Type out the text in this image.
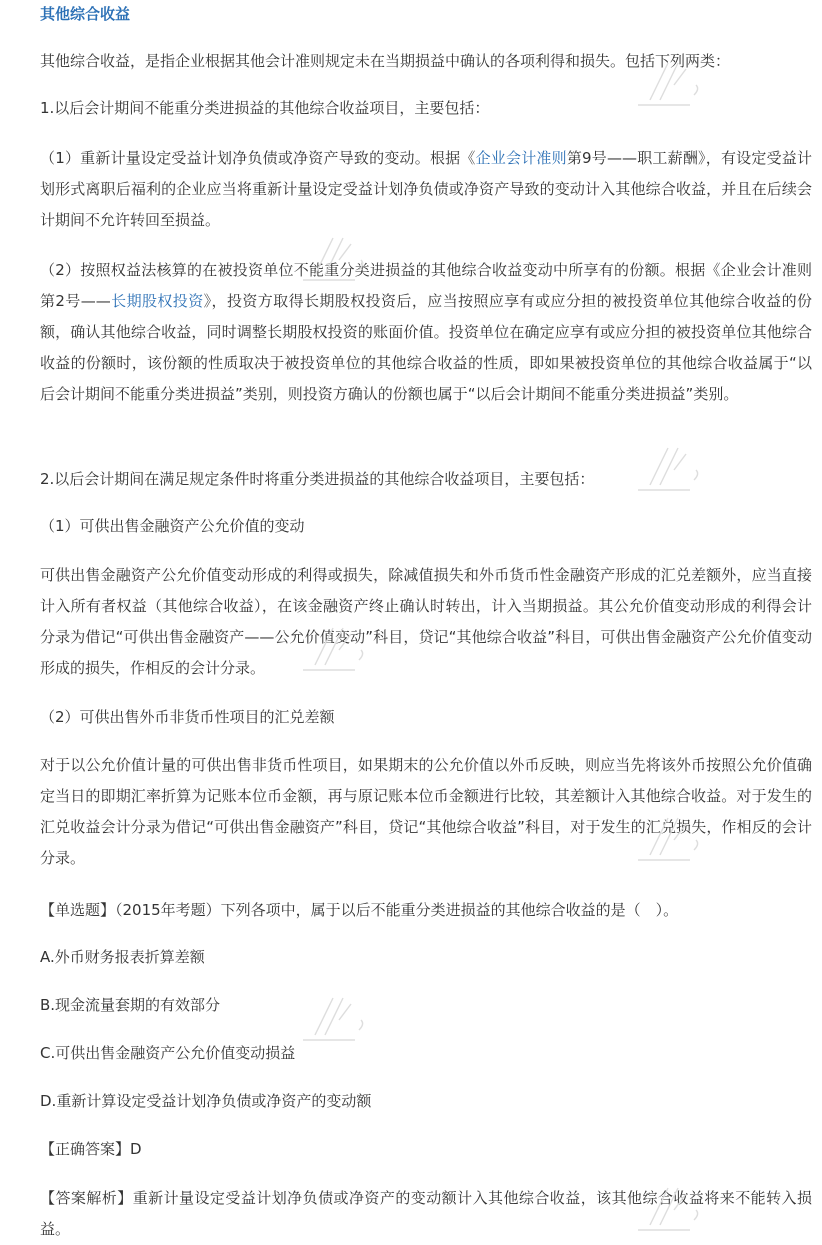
其他综合收益
其他综合收益，是指企业根据其他会计准则规定未在当期损益中确认的各项利得和损失。包括下列两类：
1.以后会计期间不能重分类进损益的其他综合收益项目，主要包括：
（1）重新计量设定受益计划净负债或净资产导致的变动。根据《企业会计准则第9号——职工薪酬》，有设定受益计划形式离职后福利的企业应当将重新计量设定受益计划净负债或净资产导致的变动计入其他综合收益，并且在后续会计期间不允许转回至损益。
（2）按照权益法核算的在被投资单位不能重分类进损益的其他综合收益变动中所享有的份额。根据《企业会计准则第2号——长期股权投资》，投资方取得长期股权投资后，应当按照应享有或应分担的被投资单位其他综合收益的份额，确认其他综合收益，同时调整长期股权投资的账面价值。投资单位在确定应享有或应分担的被投资单位其他综合收益的份额时，该份额的性质取决于被投资单位的其他综合收益的性质，即如果被投资单位的其他综合收益属于“以后会计期间不能重分类进损益”类别，则投资方确认的份额也属于“以后会计期间不能重分类进损益”类别。
2.以后会计期间在满足规定条件时将重分类进损益的其他综合收益项目，主要包括：
（1）可供出售金融资产公允价值的变动
可供出售金融资产公允价值变动形成的利得或损失，除减值损失和外币货币性金融资产形成的汇兑差额外，应当直接计入所有者权益（其他综合收益），在该金融资产终止确认时转出，计入当期损益。其公允价值变动形成的利得会计分录为借记“可供出售金融资产——公允价值变动”科目，贷记“其他综合收益”科目，可供出售金融资产公允价值变动形成的损失，作相反的会计分录。
（2）可供出售外币非货币性项目的汇兑差额
对于以公允价值计量的可供出售非货币性项目，如果期末的公允价值以外币反映，则应当先将该外币按照公允价值确定当日的即期汇率折算为记账本位币金额，再与原记账本位币金额进行比较，其差额计入其他综合收益。对于发生的汇兑收益会计分录为借记“可供出售金融资产”科目，贷记“其他综合收益”科目，对于发生的汇兑损失，作相反的会计分录。
【单选题】（2015年考题）下列各项中，属于以后不能重分类进损益的其他综合收益的是（　）。
A.外币财务报表折算差额
B.现金流量套期的有效部分
C.可供出售金融资产公允价值变动损益
D.重新计算设定受益计划净负债或净资产的变动额
【正确答案】D
【答案解析】重新计量设定受益计划净负债或净资产的变动额计入其他综合收益，该其他综合收益将来不能转入损益。
